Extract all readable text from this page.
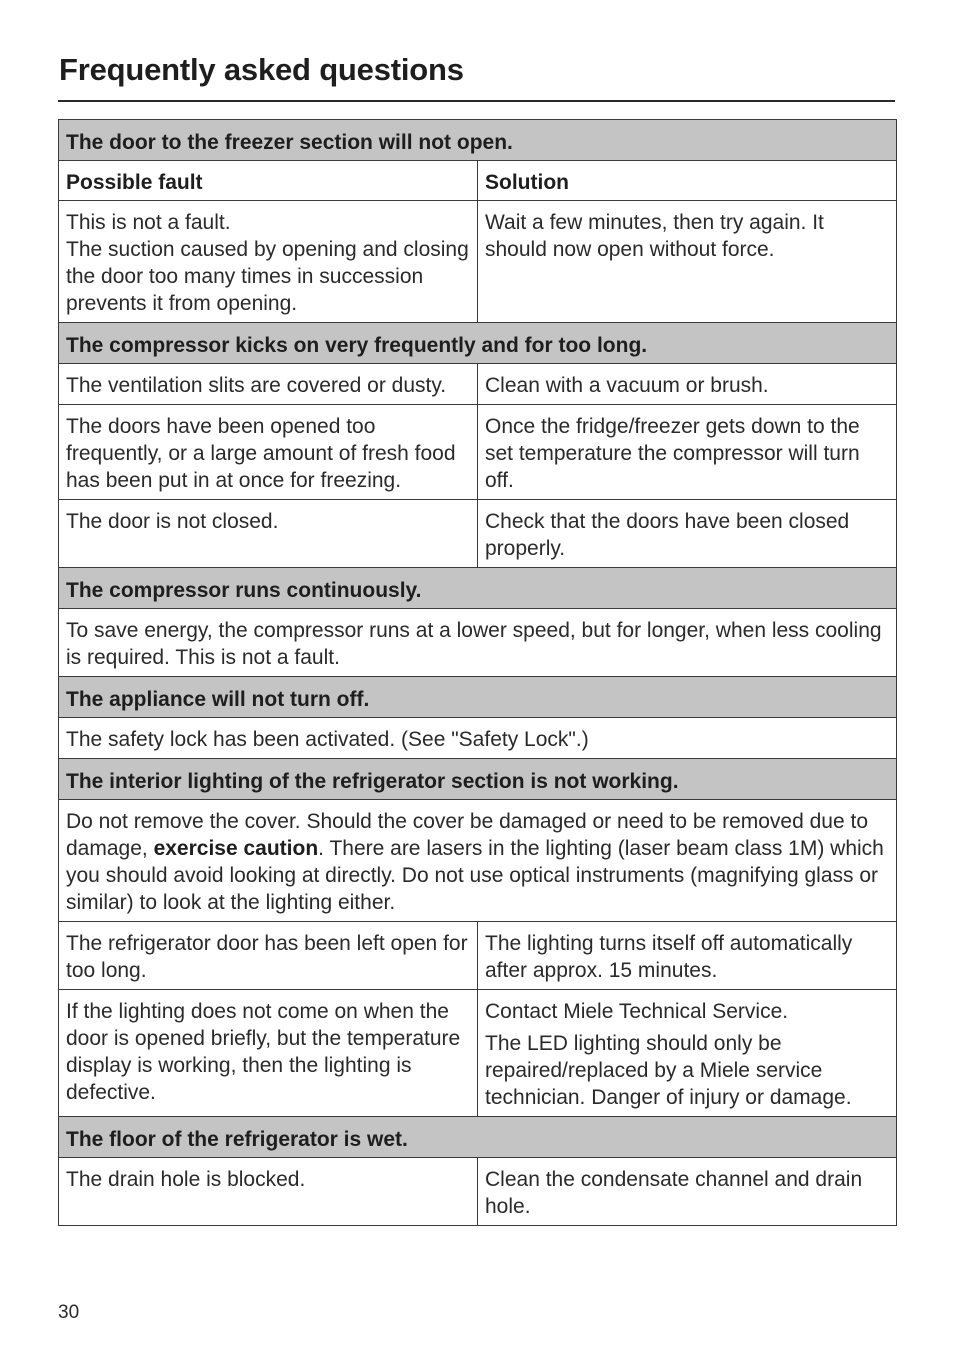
Frequently asked questions
The door to the freezer section will not open.	
Possible fault	Solution

This is not a fault.
The suction caused by opening and closing the door too many times in succession prevents it from opening.	Wait a few minutes, then try again. It should now open without force.
The compressor kicks on very frequently and for too long.	
The ventilation slits are covered or dusty.	Clean with a vacuum or brush.
The doors have been opened too frequently, or a large amount of fresh food has been put in at once for freezing.	Once the fridge/freezer gets down to the set temperature the compressor will turn off.
The door is not closed.	Check that the doors have been closed properly.
The compressor runs continuously.	
To save energy, the compressor runs at a lower speed, but for longer, when less cooling is required. This is not a fault.	
The appliance will not turn off.	
The safety lock has been activated. (See "Safety Lock".)	
The interior lighting of the refrigerator section is not working.	
Do not remove the cover. Should the cover be damaged or need to be removed due to damage, exercise caution. There are lasers in the lighting (laser beam class 1M) which you should avoid looking at directly. Do not use optical instruments (magnifying glass or similar) to look at the lighting either.	
The refrigerator door has been left open for too long.	The lighting turns itself off automatically after approx. 15 minutes.
If the lighting does not come on when the door is opened briefly, but the temperature display is working, then the lighting is defective.	Contact Miele Technical Service.
The LED lighting should only be repaired/replaced by a Miele service technician. Danger of injury or damage.

The floor of the refrigerator is wet.	
The drain hole is blocked.	Clean the condensate channel and drain hole.
30
